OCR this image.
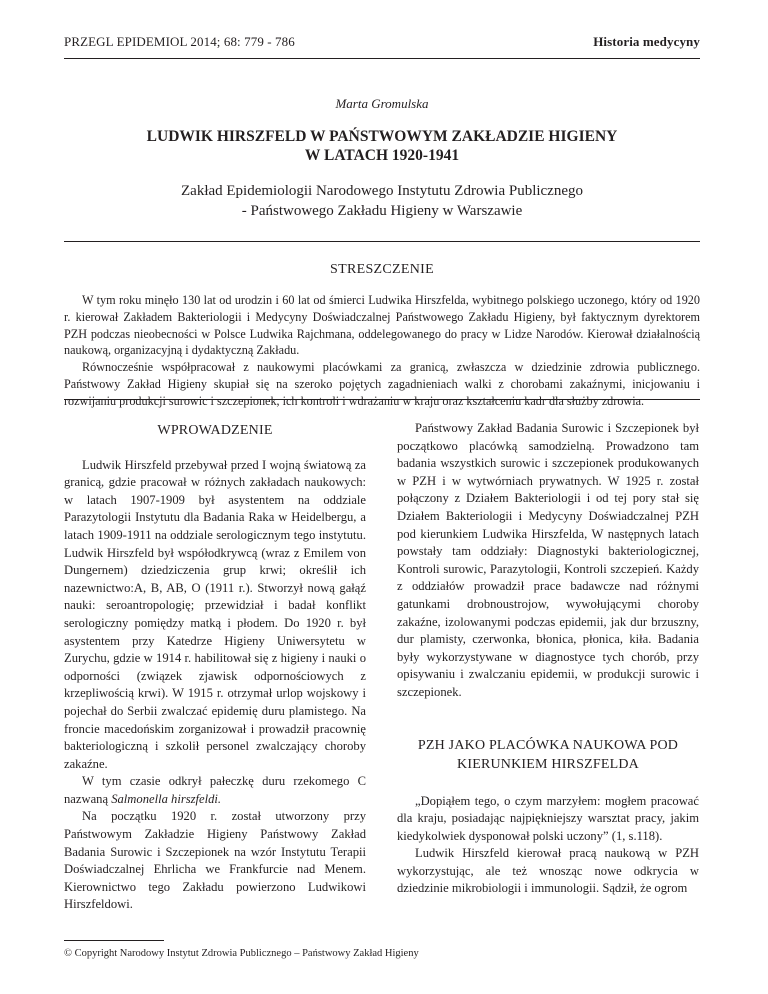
PRZEGL EPIDEMIOL 2014; 68: 779 - 786	Historia medycyny
Marta Gromulska
LUDWIK HIRSZFELD W PAŃSTWOWYM ZAKŁADZIE HIGIENY
W LATACH 1920-1941
Zakład Epidemiologii Narodowego Instytutu Zdrowia Publicznego
- Państwowego Zakładu Higieny w Warszawie
STRESZCZENIE

W tym roku minęło 130 lat od urodzin i 60 lat od śmierci Ludwika Hirszfelda, wybitnego polskiego uczonego, który od 1920 r. kierował Zakładem Bakteriologii i Medycyny Doświadczalnej Państwowego Zakładu Higieny, był faktycznym dyrektorem PZH podczas nieobecności w Polsce Ludwika Rajchmana, oddelegowanego do pracy w Lidze Narodów. Kierował działalnością naukową, organizacyjną i dydaktyczną Zakładu.

Równocześnie współpracował z naukowymi placówkami za granicą, zwłaszcza w dziedzinie zdrowia publicznego. Państwowy Zakład Higieny skupiał się na szeroko pojętych zagadnieniach walki z chorobami zakaźnymi, inicjowaniu i rozwijaniu produkcji surowic i szczepionek, ich kontroli i wdrażaniu w kraju oraz kształceniu kadr dla służby zdrowia.

WPROWADZENIE

Ludwik Hirszfeld przebywał przed I wojną światową za granicą, gdzie pracował w różnych zakładach naukowych: w latach 1907-1909 był asystentem na oddziale Parazytologii Instytutu dla Badania Raka w Heidelbergu, a latach 1909-1911 na oddziale serologicznym tego instytutu. Ludwik Hirszfeld był współodkrywcą (wraz z Emilem von Dungernem) dziedziczenia grup krwi; określił ich nazewnictwo:A, B, AB, O (1911 r.). Stworzył nową gałąź nauki: seroantropologię; przewidział i badał konflikt serologiczny pomiędzy matką i płodem. Do 1920 r. był asystentem przy Katedrze Higieny Uniwersytetu w Zurychu, gdzie w 1914 r. habilitował się z higieny i nauki o odporności (związek zjawisk odpornościowych z krzepliwością krwi). W 1915 r. otrzymał urlop wojskowy i pojechał do Serbii zwalczać epidemię duru plamistego. Na froncie macedońskim zorganizował i prowadził pracownię bakteriologiczną i szkolił personel zwalczający choroby zakaźne.

W tym czasie odkrył pałeczkę duru rzekomego C nazwaną Salmonella hirszfeldi.

Na początku 1920 r. został utworzony przy Państwowym Zakładzie Higieny Państwowy Zakład Badania Surowic i Szczepionek na wzór Instytutu Terapii Doświadczalnej Ehrlicha we Frankfurcie nad Menem. Kierownictwo tego Zakładu powierzono Ludwikowi Hirszfeldowi.

Państwowy Zakład Badania Surowic i Szczepionek był początkowo placówką samodzielną. Prowadzono tam badania wszystkich surowic i szczepionek produkowanych w PZH i w wytwórniach prywatnych. W 1925 r. został połączony z Działem Bakteriologii i od tej pory stał się Działem Bakteriologii i Medycyny Doświadczalnej PZH pod kierunkiem Ludwika Hirszfelda, W następnych latach powstały tam oddziały: Diagnostyki bakteriologicznej, Kontroli surowic, Parazytologii, Kontroli szczepień. Każdy z oddziałów prowadził prace badawcze nad różnymi gatunkami drobnoustrojow, wywołującymi choroby zakaźne, izolowanymi podczas epidemii, jak dur brzuszny, dur plamisty, czerwonka, błonica, płonica, kiła. Badania były wykorzystywane w diagnostyce tych chorób, przy opisywaniu i zwalczaniu epidemii, w produkcji surowic i szczepionek.

PZH JAKO PLACÓWKA NAUKOWA POD
KIERUNKIEM HIRSZFELDA

„Dopiąłem tego, o czym marzyłem: mogłem pracować dla kraju, posiadając najpiękniejszy warsztat pracy, jakim kiedykolwiek dysponował polski uczony” (1, s.118).

Ludwik Hirszfeld kierował pracą naukową w PZH wykorzystując, ale też wnosząc nowe odkrycia w dziedzinie mikrobiologii i immunologii. Sądził, że ogrom

© Copyright Narodowy Instytut Zdrowia Publicznego – Państwowy Zakład Higieny
